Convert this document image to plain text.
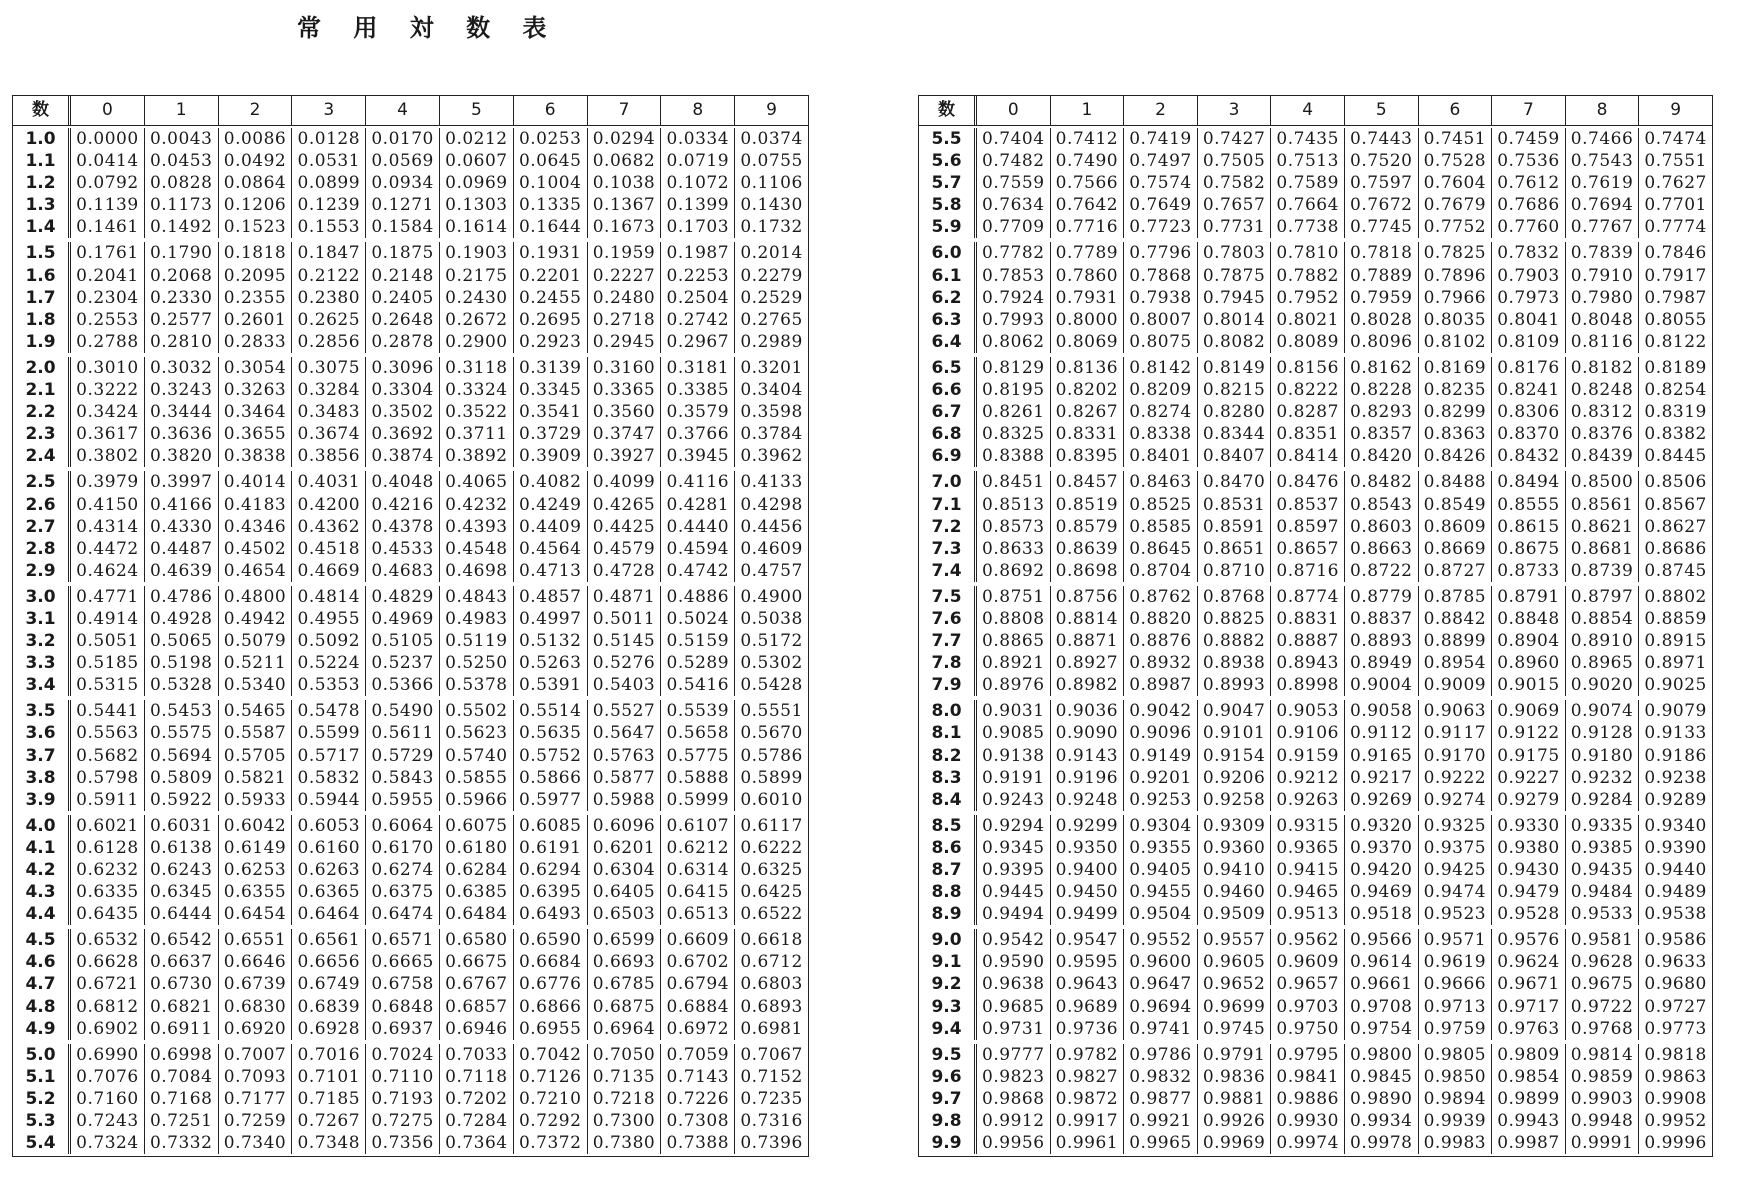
常 用 対 数 表
数	0	1	2	3	4	5	6	7	8	9
1.0	0.0000 0.0043 0.0086 0.0128 0.0170 0.0212 0.0253 0.0294 0.0334 0.0374
1.1	0.0414 0.0453 0.0492 0.0531 0.0569 0.0607 0.0645 0.0682 0.0719 0.0755
1.2	0.0792 0.0828 0.0864 0.0899 0.0934 0.0969 0.1004 0.1038 0.1072 0.1106
1.3	0.1139 0.1173 0.1206 0.1239 0.1271 0.1303 0.1335 0.1367 0.1399 0.1430
1.4	0.1461 0.1492 0.1523 0.1553 0.1584 0.1614 0.1644 0.1673 0.1703 0.1732
1.5	0.1761 0.1790 0.1818 0.1847 0.1875 0.1903 0.1931 0.1959 0.1987 0.2014
1.6	0.2041 0.2068 0.2095 0.2122 0.2148 0.2175 0.2201 0.2227 0.2253 0.2279
1.7	0.2304 0.2330 0.2355 0.2380 0.2405 0.2430 0.2455 0.2480 0.2504 0.2529
1.8	0.2553 0.2577 0.2601 0.2625 0.2648 0.2672 0.2695 0.2718 0.2742 0.2765
1.9	0.2788 0.2810 0.2833 0.2856 0.2878 0.2900 0.2923 0.2945 0.2967 0.2989
2.0	0.3010 0.3032 0.3054 0.3075 0.3096 0.3118 0.3139 0.3160 0.3181 0.3201
2.1	0.3222 0.3243 0.3263 0.3284 0.3304 0.3324 0.3345 0.3365 0.3385 0.3404
2.2	0.3424 0.3444 0.3464 0.3483 0.3502 0.3522 0.3541 0.3560 0.3579 0.3598
2.3	0.3617 0.3636 0.3655 0.3674 0.3692 0.3711 0.3729 0.3747 0.3766 0.3784
2.4	0.3802 0.3820 0.3838 0.3856 0.3874 0.3892 0.3909 0.3927 0.3945 0.3962
2.5	0.3979 0.3997 0.4014 0.4031 0.4048 0.4065 0.4082 0.4099 0.4116 0.4133
2.6	0.4150 0.4166 0.4183 0.4200 0.4216 0.4232 0.4249 0.4265 0.4281 0.4298
2.7	0.4314 0.4330 0.4346 0.4362 0.4378 0.4393 0.4409 0.4425 0.4440 0.4456
2.8	0.4472 0.4487 0.4502 0.4518 0.4533 0.4548 0.4564 0.4579 0.4594 0.4609
2.9	0.4624 0.4639 0.4654 0.4669 0.4683 0.4698 0.4713 0.4728 0.4742 0.4757
3.0	0.4771 0.4786 0.4800 0.4814 0.4829 0.4843 0.4857 0.4871 0.4886 0.4900
3.1	0.4914 0.4928 0.4942 0.4955 0.4969 0.4983 0.4997 0.5011 0.5024 0.5038
3.2	0.5051 0.5065 0.5079 0.5092 0.5105 0.5119 0.5132 0.5145 0.5159 0.5172
3.3	0.5185 0.5198 0.5211 0.5224 0.5237 0.5250 0.5263 0.5276 0.5289 0.5302
3.4	0.5315 0.5328 0.5340 0.5353 0.5366 0.5378 0.5391 0.5403 0.5416 0.5428
3.5	0.5441 0.5453 0.5465 0.5478 0.5490 0.5502 0.5514 0.5527 0.5539 0.5551
3.6	0.5563 0.5575 0.5587 0.5599 0.5611 0.5623 0.5635 0.5647 0.5658 0.5670
3.7	0.5682 0.5694 0.5705 0.5717 0.5729 0.5740 0.5752 0.5763 0.5775 0.5786
3.8	0.5798 0.5809 0.5821 0.5832 0.5843 0.5855 0.5866 0.5877 0.5888 0.5899
3.9	0.5911 0.5922 0.5933 0.5944 0.5955 0.5966 0.5977 0.5988 0.5999 0.6010
4.0	0.6021 0.6031 0.6042 0.6053 0.6064 0.6075 0.6085 0.6096 0.6107 0.6117
4.1	0.6128 0.6138 0.6149 0.6160 0.6170 0.6180 0.6191 0.6201 0.6212 0.6222
4.2	0.6232 0.6243 0.6253 0.6263 0.6274 0.6284 0.6294 0.6304 0.6314 0.6325
4.3	0.6335 0.6345 0.6355 0.6365 0.6375 0.6385 0.6395 0.6405 0.6415 0.6425
4.4	0.6435 0.6444 0.6454 0.6464 0.6474 0.6484 0.6493 0.6503 0.6513 0.6522
4.5	0.6532 0.6542 0.6551 0.6561 0.6571 0.6580 0.6590 0.6599 0.6609 0.6618
4.6	0.6628 0.6637 0.6646 0.6656 0.6665 0.6675 0.6684 0.6693 0.6702 0.6712
4.7	0.6721 0.6730 0.6739 0.6749 0.6758 0.6767 0.6776 0.6785 0.6794 0.6803
4.8	0.6812 0.6821 0.6830 0.6839 0.6848 0.6857 0.6866 0.6875 0.6884 0.6893
4.9	0.6902 0.6911 0.6920 0.6928 0.6937 0.6946 0.6955 0.6964 0.6972 0.6981
5.0	0.6990 0.6998 0.7007 0.7016 0.7024 0.7033 0.7042 0.7050 0.7059 0.7067
5.1	0.7076 0.7084 0.7093 0.7101 0.7110 0.7118 0.7126 0.7135 0.7143 0.7152
5.2	0.7160 0.7168 0.7177 0.7185 0.7193 0.7202 0.7210 0.7218 0.7226 0.7235
5.3	0.7243 0.7251 0.7259 0.7267 0.7275 0.7284 0.7292 0.7300 0.7308 0.7316
5.4	0.7324 0.7332 0.7340 0.7348 0.7356 0.7364 0.7372 0.7380 0.7388 0.7396
数	0	1	2	3	4	5	6	7	8	9
5.5	0.7404 0.7412 0.7419 0.7427 0.7435 0.7443 0.7451 0.7459 0.7466 0.7474
5.6	0.7482 0.7490 0.7497 0.7505 0.7513 0.7520 0.7528 0.7536 0.7543 0.7551
5.7	0.7559 0.7566 0.7574 0.7582 0.7589 0.7597 0.7604 0.7612 0.7619 0.7627
5.8	0.7634 0.7642 0.7649 0.7657 0.7664 0.7672 0.7679 0.7686 0.7694 0.7701
5.9	0.7709 0.7716 0.7723 0.7731 0.7738 0.7745 0.7752 0.7760 0.7767 0.7774
6.0	0.7782 0.7789 0.7796 0.7803 0.7810 0.7818 0.7825 0.7832 0.7839 0.7846
6.1	0.7853 0.7860 0.7868 0.7875 0.7882 0.7889 0.7896 0.7903 0.7910 0.7917
6.2	0.7924 0.7931 0.7938 0.7945 0.7952 0.7959 0.7966 0.7973 0.7980 0.7987
6.3	0.7993 0.8000 0.8007 0.8014 0.8021 0.8028 0.8035 0.8041 0.8048 0.8055
6.4	0.8062 0.8069 0.8075 0.8082 0.8089 0.8096 0.8102 0.8109 0.8116 0.8122
6.5	0.8129 0.8136 0.8142 0.8149 0.8156 0.8162 0.8169 0.8176 0.8182 0.8189
6.6	0.8195 0.8202 0.8209 0.8215 0.8222 0.8228 0.8235 0.8241 0.8248 0.8254
6.7	0.8261 0.8267 0.8274 0.8280 0.8287 0.8293 0.8299 0.8306 0.8312 0.8319
6.8	0.8325 0.8331 0.8338 0.8344 0.8351 0.8357 0.8363 0.8370 0.8376 0.8382
6.9	0.8388 0.8395 0.8401 0.8407 0.8414 0.8420 0.8426 0.8432 0.8439 0.8445
7.0	0.8451 0.8457 0.8463 0.8470 0.8476 0.8482 0.8488 0.8494 0.8500 0.8506
7.1	0.8513 0.8519 0.8525 0.8531 0.8537 0.8543 0.8549 0.8555 0.8561 0.8567
7.2	0.8573 0.8579 0.8585 0.8591 0.8597 0.8603 0.8609 0.8615 0.8621 0.8627
7.3	0.8633 0.8639 0.8645 0.8651 0.8657 0.8663 0.8669 0.8675 0.8681 0.8686
7.4	0.8692 0.8698 0.8704 0.8710 0.8716 0.8722 0.8727 0.8733 0.8739 0.8745
7.5	0.8751 0.8756 0.8762 0.8768 0.8774 0.8779 0.8785 0.8791 0.8797 0.8802
7.6	0.8808 0.8814 0.8820 0.8825 0.8831 0.8837 0.8842 0.8848 0.8854 0.8859
7.7	0.8865 0.8871 0.8876 0.8882 0.8887 0.8893 0.8899 0.8904 0.8910 0.8915
7.8	0.8921 0.8927 0.8932 0.8938 0.8943 0.8949 0.8954 0.8960 0.8965 0.8971
7.9	0.8976 0.8982 0.8987 0.8993 0.8998 0.9004 0.9009 0.9015 0.9020 0.9025
8.0	0.9031 0.9036 0.9042 0.9047 0.9053 0.9058 0.9063 0.9069 0.9074 0.9079
8.1	0.9085 0.9090 0.9096 0.9101 0.9106 0.9112 0.9117 0.9122 0.9128 0.9133
8.2	0.9138 0.9143 0.9149 0.9154 0.9159 0.9165 0.9170 0.9175 0.9180 0.9186
8.3	0.9191 0.9196 0.9201 0.9206 0.9212 0.9217 0.9222 0.9227 0.9232 0.9238
8.4	0.9243 0.9248 0.9253 0.9258 0.9263 0.9269 0.9274 0.9279 0.9284 0.9289
8.5	0.9294 0.9299 0.9304 0.9309 0.9315 0.9320 0.9325 0.9330 0.9335 0.9340
8.6	0.9345 0.9350 0.9355 0.9360 0.9365 0.9370 0.9375 0.9380 0.9385 0.9390
8.7	0.9395 0.9400 0.9405 0.9410 0.9415 0.9420 0.9425 0.9430 0.9435 0.9440
8.8	0.9445 0.9450 0.9455 0.9460 0.9465 0.9469 0.9474 0.9479 0.9484 0.9489
8.9	0.9494 0.9499 0.9504 0.9509 0.9513 0.9518 0.9523 0.9528 0.9533 0.9538
9.0	0.9542 0.9547 0.9552 0.9557 0.9562 0.9566 0.9571 0.9576 0.9581 0.9586
9.1	0.9590 0.9595 0.9600 0.9605 0.9609 0.9614 0.9619 0.9624 0.9628 0.9633
9.2	0.9638 0.9643 0.9647 0.9652 0.9657 0.9661 0.9666 0.9671 0.9675 0.9680
9.3	0.9685 0.9689 0.9694 0.9699 0.9703 0.9708 0.9713 0.9717 0.9722 0.9727
9.4	0.9731 0.9736 0.9741 0.9745 0.9750 0.9754 0.9759 0.9763 0.9768 0.9773
9.5	0.9777 0.9782 0.9786 0.9791 0.9795 0.9800 0.9805 0.9809 0.9814 0.9818
9.6	0.9823 0.9827 0.9832 0.9836 0.9841 0.9845 0.9850 0.9854 0.9859 0.9863
9.7	0.9868 0.9872 0.9877 0.9881 0.9886 0.9890 0.9894 0.9899 0.9903 0.9908
9.8	0.9912 0.9917 0.9921 0.9926 0.9930 0.9934 0.9939 0.9943 0.9948 0.9952
9.9	0.9956 0.9961 0.9965 0.9969 0.9974 0.9978 0.9983 0.9987 0.9991 0.9996
